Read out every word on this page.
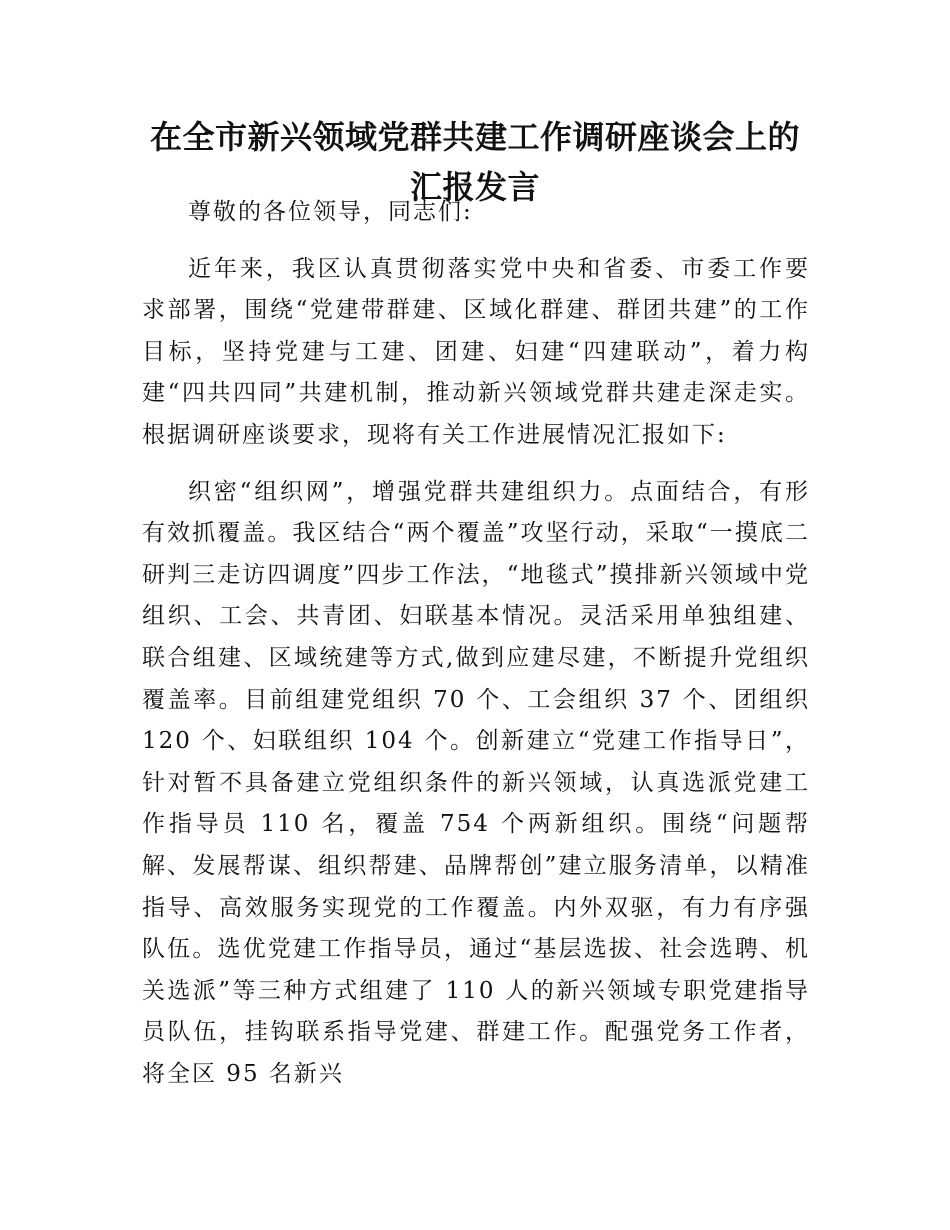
在全市新兴领域党群共建工作调研座谈会上的
汇报发言

尊敬的各位领导，同志们:

近年来，我区认真贯彻落实党中央和省委、市委工作要求部署，围绕“党建带群建、区域化群建、群团共建”的工作目标，坚持党建与工建、团建、妇建“四建联动”，着力构建“四共四同”共建机制，推动新兴领域党群共建走深走实。根据调研座谈要求，现将有关工作进展情况汇报如下:

织密“组织网”，增强党群共建组织力。点面结合，有形有效抓覆盖。我区结合“两个覆盖”攻坚行动，采取“一摸底二研判三走访四调度”四步工作法，“地毯式”摸排新兴领域中党组织、工会、共青团、妇联基本情况。灵活采用单独组建、联合组建、区域统建等方式,做到应建尽建，不断提升党组织覆盖率。目前组建党组织 70 个、工会组织 37 个、团组织 120 个、妇联组织 104 个。创新建立“党建工作指导日”，针对暂不具备建立党组织条件的新兴领域，认真选派党建工作指导员 110 名，覆盖 754 个两新组织。围绕“问题帮解、发展帮谋、组织帮建、品牌帮创”建立服务清单，以精准指导、高效服务实现党的工作覆盖。内外双驱，有力有序强队伍。选优党建工作指导员，通过“基层选拔、社会选聘、机关选派”等三种方式组建了 110 人的新兴领域专职党建指导员队伍，挂钩联系指导党建、群建工作。配强党务工作者，将全区 95 名新兴
